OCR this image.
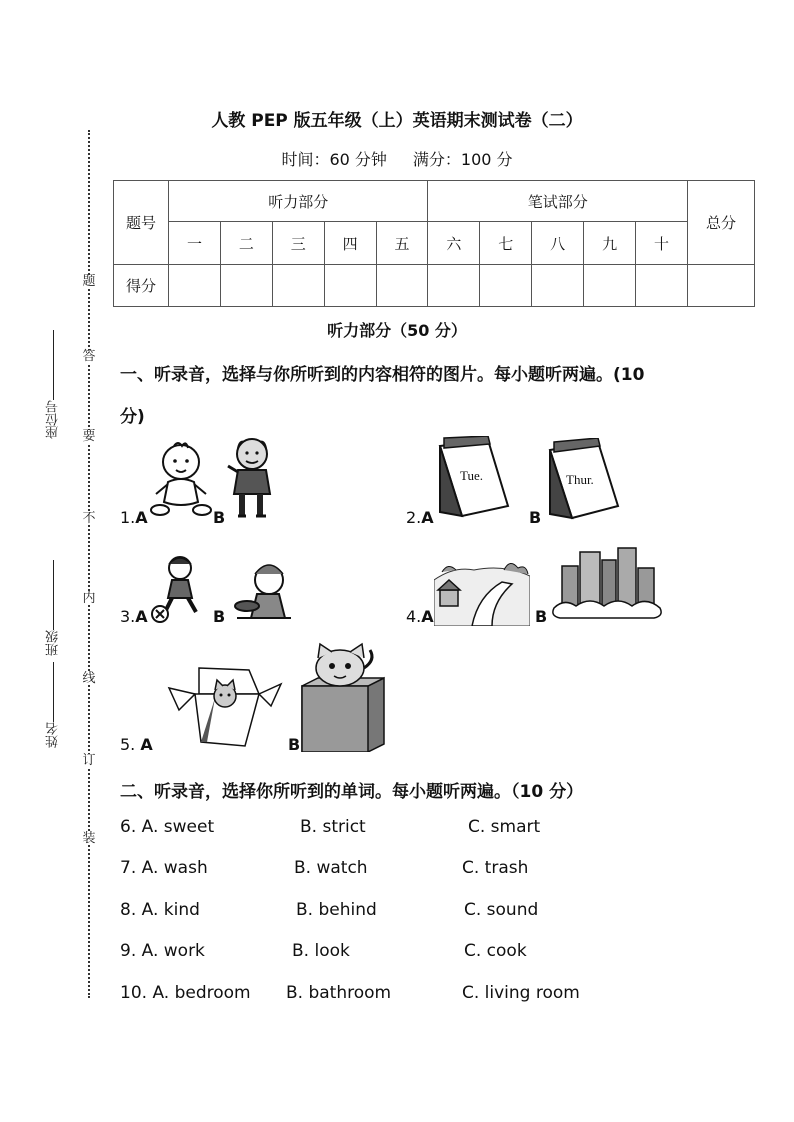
题
答
要
不
内
线
订
装
座位号
班级
姓名
人教 PEP 版五年级（上）英语期末测试卷（二）
时间：60 分钟 满分：100 分
题号	听力部分					笔试部分					总分
	一	二	三	四	五	六	七	八	九	十	
得分											
听力部分（50 分）
一、听录音，选择与你所听到的内容相符的图片。每小题听两遍。(10
分)
1.A	B
Tue.	Thur.
2.A	B
3.A	B	4.A	B
5. A	B
二、听录音，选择你所听到的单词。每小题听两遍。（10 分）
6. A. sweet	B. strict	C. smart
7. A. wash	B. watch	C. trash
8. A. kind	B. behind	C. sound
9. A. work	B. look	C. cook
10. A. bedroom B. bathroom	C. living room
